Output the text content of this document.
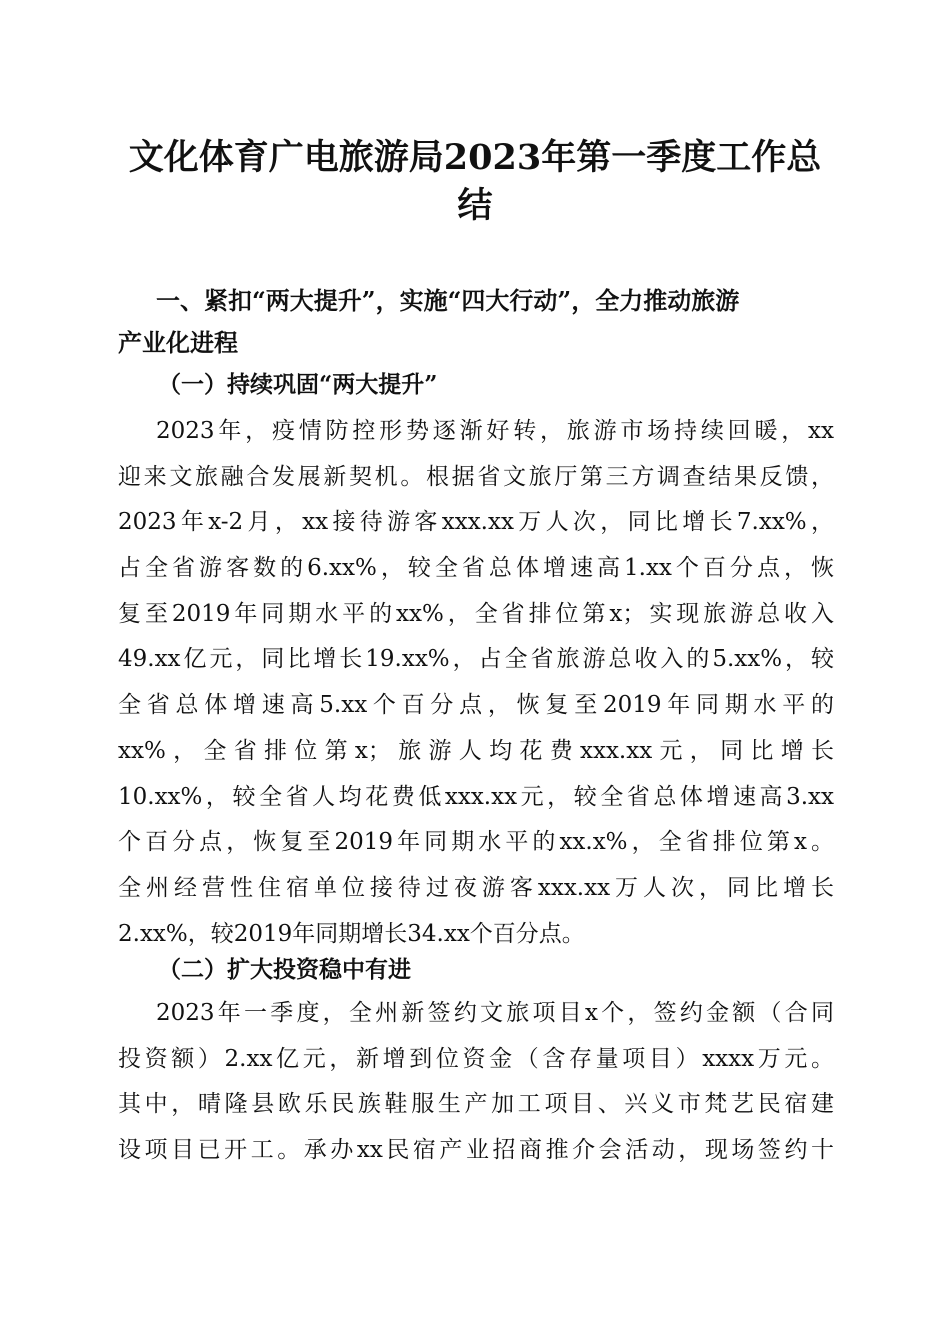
文化体育广电旅游局2023年第一季度工作总
结
一、紧扣“两大提升”，实施“四大行动”，全力推动旅游
产业化进程
（一）持续巩固“两大提升”
2023年，疫情防控形势逐渐好转，旅游市场持续回暖，xx
迎来文旅融合发展新契机。根据省文旅厅第三方调查结果反馈，
2023年x-2月，xx接待游客xxx.xx万人次，同比增长7.xx%，
占全省游客数的6.xx%，较全省总体增速高1.xx个百分点，恢
复至2019年同期水平的xx%，全省排位第x；实现旅游总收入
49.xx亿元，同比增长19.xx%，占全省旅游总收入的5.xx%，较
全省总体增速高5.xx个百分点，恢复至2019年同期水平的
xx%，全省排位第x；旅游人均花费xxx.xx元，同比增长
10.xx%，较全省人均花费低xxx.xx元，较全省总体增速高3.xx
个百分点，恢复至2019年同期水平的xx.x%，全省排位第x。
全州经营性住宿单位接待过夜游客xxx.xx万人次，同比增长
2.xx%，较2019年同期增长34.xx个百分点。
（二）扩大投资稳中有进
2023年一季度，全州新签约文旅项目x个，签约金额（合同
投资额）2.xx亿元，新增到位资金（含存量项目）xxxx万元。
其中，晴隆县欧乐民族鞋服生产加工项目、兴义市梵艺民宿建
设项目已开工。承办xx民宿产业招商推介会活动，现场签约十
